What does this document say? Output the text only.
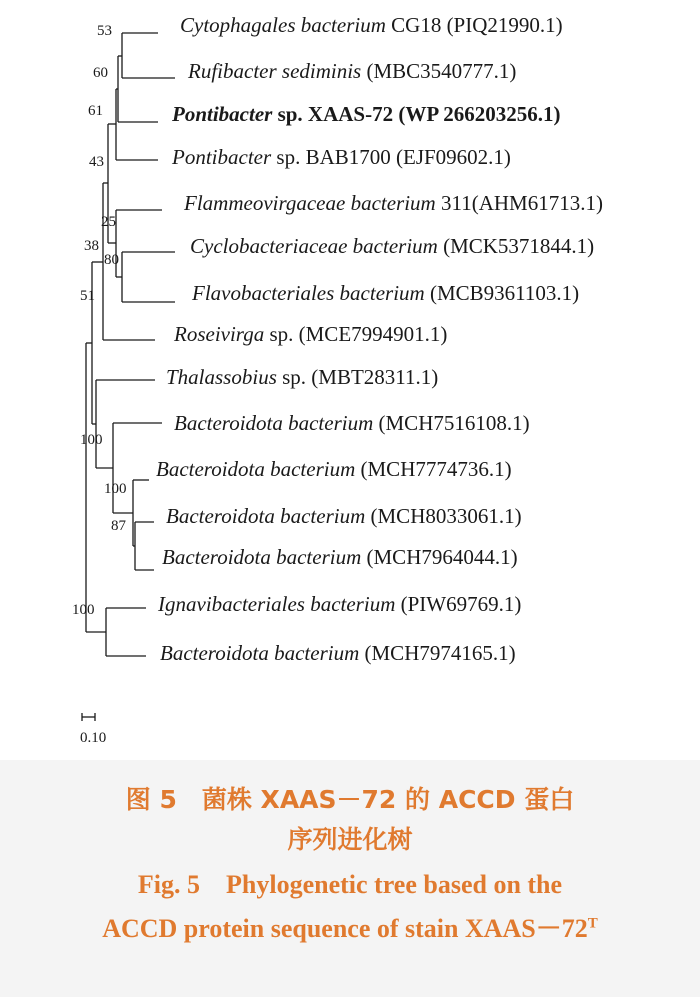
Cytophagales bacterium CG18 (PIQ21990.1)
Rufibacter sediminis (MBC3540777.1)
Pontibacter sp. XAAS-72 (WP 266203256.1)
Pontibacter sp. BAB1700 (EJF09602.1)
Flammeovirgaceae bacterium 311(AHM61713.1)
Cyclobacteriaceae bacterium (MCK5371844.1)
Flavobacteriales bacterium (MCB9361103.1)
Roseivirga sp. (MCE7994901.1)
Thalassobius sp. (MBT28311.1)
Bacteroidota bacterium (MCH7516108.1)
Bacteroidota bacterium (MCH7774736.1)
Bacteroidota bacterium (MCH8033061.1)
Bacteroidota bacterium (MCH7964044.1)
Ignavibacteriales bacterium (PIW69769.1)
Bacteroidota bacterium (MCH7974165.1)
53
60
61
43
25
38
80
51
100
100
87
100
0.10

图 5　菌株 XAAS－72 的 ACCD 蛋白

序列进化树

Fig. 5　Phylogenetic tree based on the

ACCD protein sequence of stain $XAAS-72^T$
